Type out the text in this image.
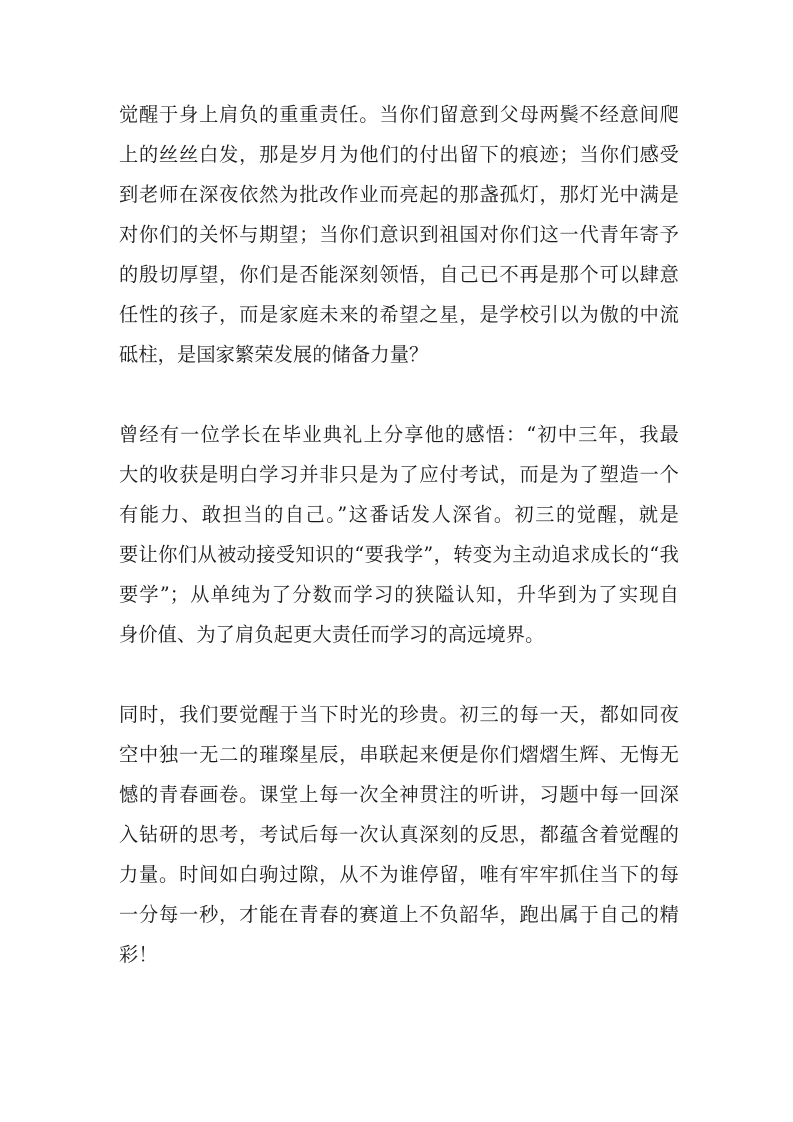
觉醒于身上肩负的重重责任。当你们留意到父母两鬓不经意间爬
上的丝丝白发，那是岁月为他们的付出留下的痕迹；当你们感受
到老师在深夜依然为批改作业而亮起的那盏孤灯，那灯光中满是
对你们的关怀与期望；当你们意识到祖国对你们这一代青年寄予
的殷切厚望，你们是否能深刻领悟，自己已不再是那个可以肆意
任性的孩子，而是家庭未来的希望之星，是学校引以为傲的中流
砥柱，是国家繁荣发展的储备力量？
曾经有一位学长在毕业典礼上分享他的感悟：“初中三年，我最
大的收获是明白学习并非只是为了应付考试，而是为了塑造一个
有能力、敢担当的自己。”这番话发人深省。初三的觉醒，就是
要让你们从被动接受知识的“要我学”，转变为主动追求成长的“我
要学”；从单纯为了分数而学习的狭隘认知，升华到为了实现自
身价值、为了肩负起更大责任而学习的高远境界。
同时，我们要觉醒于当下时光的珍贵。初三的每一天，都如同夜
空中独一无二的璀璨星辰，串联起来便是你们熠熠生辉、无悔无
憾的青春画卷。课堂上每一次全神贯注的听讲，习题中每一回深
入钻研的思考，考试后每一次认真深刻的反思，都蕴含着觉醒的
力量。时间如白驹过隙，从不为谁停留，唯有牢牢抓住当下的每
一分每一秒，才能在青春的赛道上不负韶华，跑出属于自己的精
彩！
